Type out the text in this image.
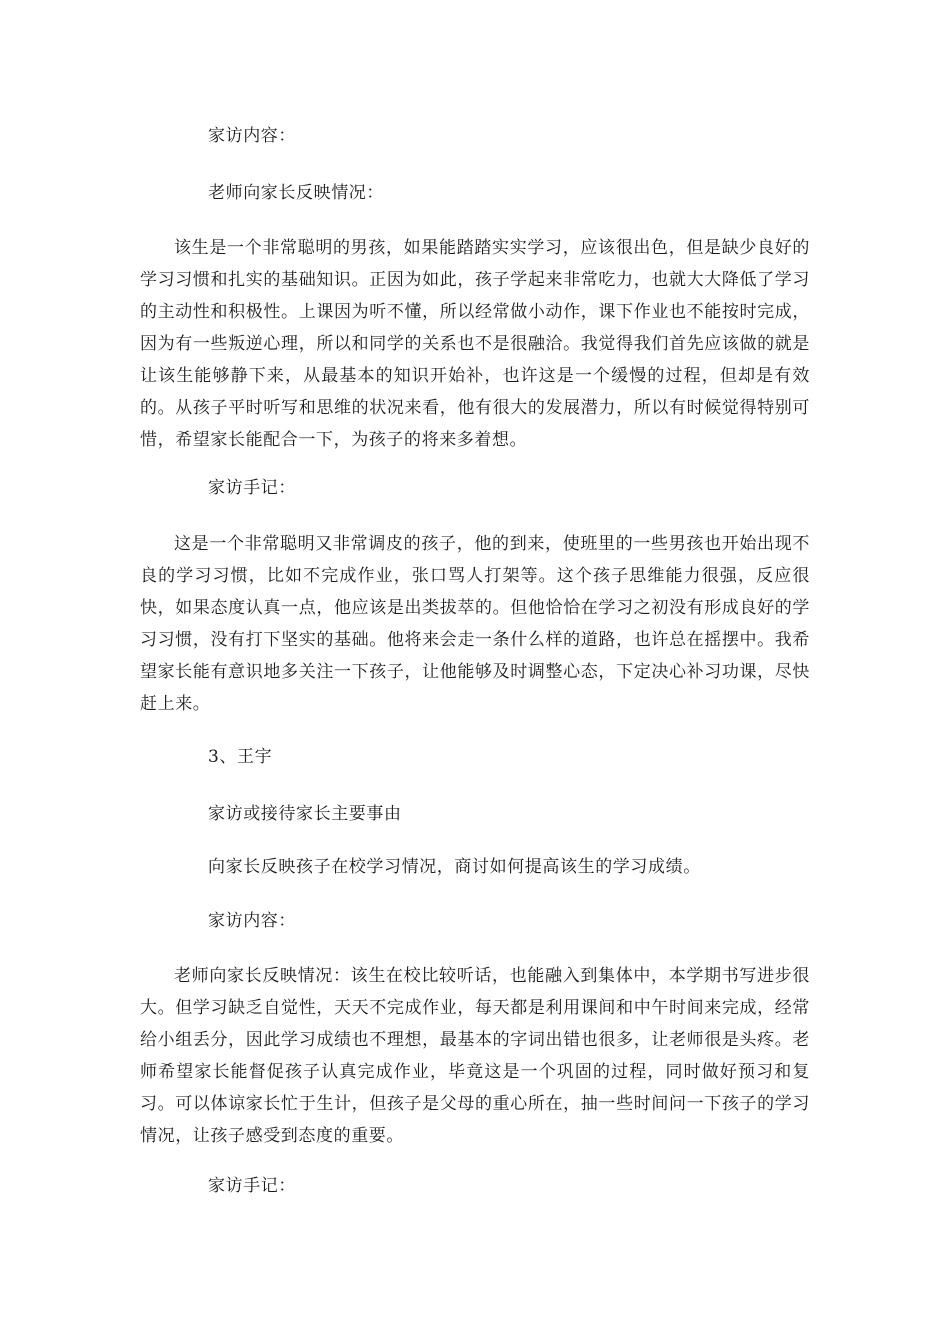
家访内容：

老师向家长反映情况：

该生是一个非常聪明的男孩，如果能踏踏实实学习，应该很出色，但是缺少良好的学习习惯和扎实的基础知识。正因为如此，孩子学起来非常吃力，也就大大降低了学习的主动性和积极性。上课因为听不懂，所以经常做小动作，课下作业也不能按时完成，因为有一些叛逆心理，所以和同学的关系也不是很融洽。我觉得我们首先应该做的就是让该生能够静下来，从最基本的知识开始补，也许这是一个缓慢的过程，但却是有效的。从孩子平时听写和思维的状况来看，他有很大的发展潜力，所以有时候觉得特别可惜，希望家长能配合一下，为孩子的将来多着想。

家访手记：

这是一个非常聪明又非常调皮的孩子，他的到来，使班里的一些男孩也开始出现不良的学习习惯，比如不完成作业，张口骂人打架等。这个孩子思维能力很强，反应很快，如果态度认真一点，他应该是出类拔萃的。但他恰恰在学习之初没有形成良好的学习习惯，没有打下坚实的基础。他将来会走一条什么样的道路，也许总在摇摆中。我希望家长能有意识地多关注一下孩子，让他能够及时调整心态，下定决心补习功课，尽快赶上来。

3、王宇

家访或接待家长主要事由

向家长反映孩子在校学习情况，商讨如何提高该生的学习成绩。

家访内容：

老师向家长反映情况：该生在校比较听话，也能融入到集体中，本学期书写进步很大。但学习缺乏自觉性，天天不完成作业，每天都是利用课间和中午时间来完成，经常给小组丢分，因此学习成绩也不理想，最基本的字词出错也很多，让老师很是头疼。老师希望家长能督促孩子认真完成作业，毕竟这是一个巩固的过程，同时做好预习和复习。可以体谅家长忙于生计，但孩子是父母的重心所在，抽一些时间问一下孩子的学习情况，让孩子感受到态度的重要。

家访手记：
